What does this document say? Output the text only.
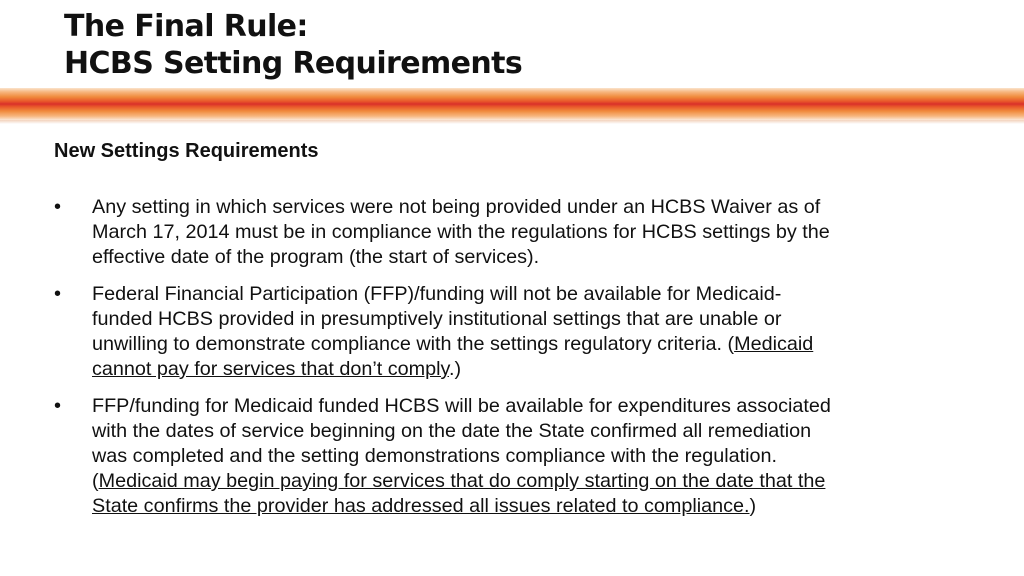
The Final Rule:
HCBS Setting Requirements
New Settings Requirements
• Any setting in which services were not being provided under an HCBS Waiver as of
March 17, 2014 must be in compliance with the regulations for HCBS settings by the
effective date of the program (the start of services).
• Federal Financial Participation (FFP)/funding will not be available for Medicaid-
funded HCBS provided in presumptively institutional settings that are unable or
unwilling to demonstrate compliance with the settings regulatory criteria. (Medicaid
cannot pay for services that don’t comply.)
• FFP/funding for Medicaid funded HCBS will be available for expenditures associated
with the dates of service beginning on the date the State confirmed all remediation
was completed and the setting demonstrations compliance with the regulation.
(Medicaid may begin paying for services that do comply starting on the date that the
State confirms the provider has addressed all issues related to compliance.)
